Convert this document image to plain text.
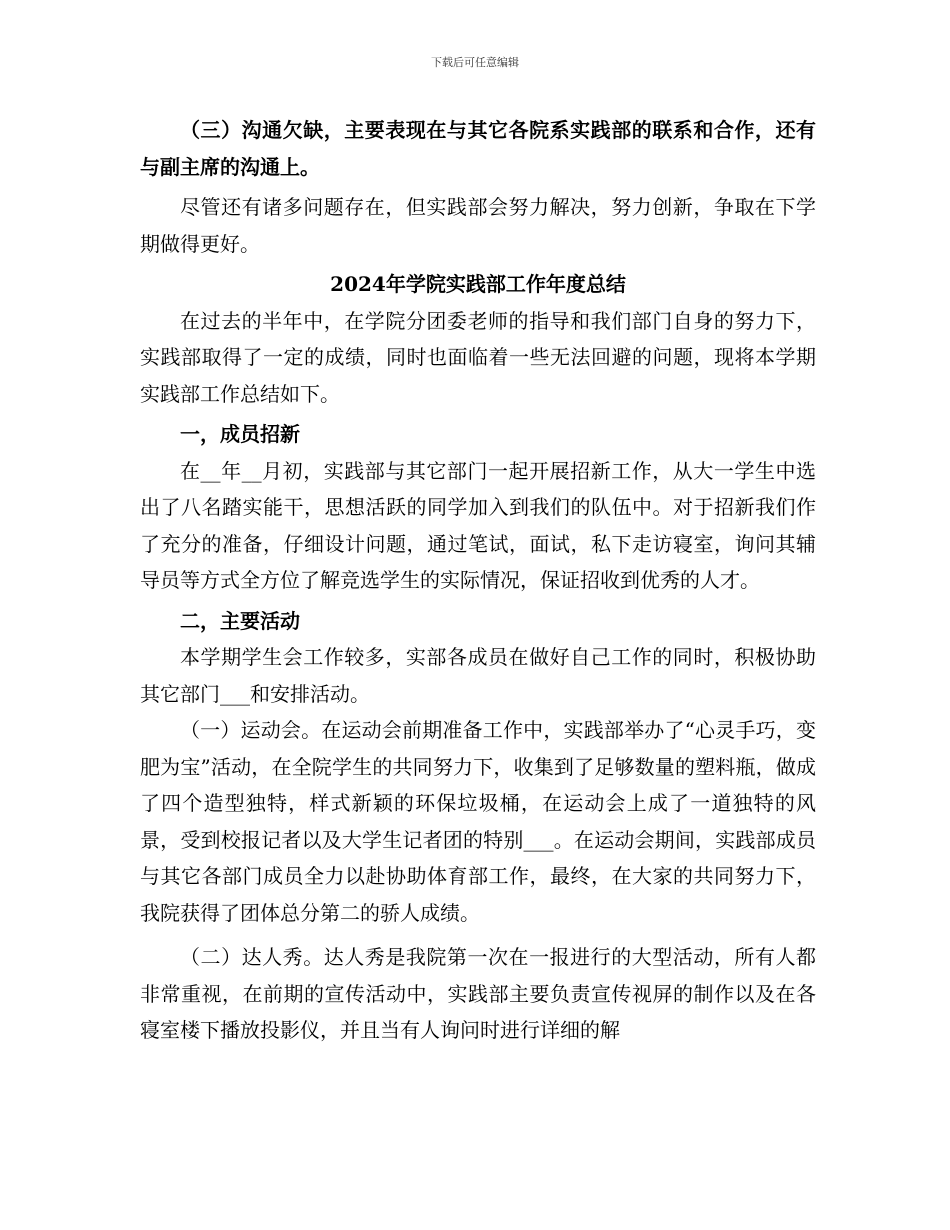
下载后可任意编辑

（三）沟通欠缺，主要表现在与其它各院系实践部的联系和合作，还有与副主席的沟通上。

尽管还有诸多问题存在，但实践部会努力解决，努力创新，争取在下学期做得更好。

2024年学院实践部工作年度总结

在过去的半年中，在学院分团委老师的指导和我们部门自身的努力下，实践部取得了一定的成绩，同时也面临着一些无法回避的问题，现将本学期实践部工作总结如下。

一，成员招新

在__年__月初，实践部与其它部门一起开展招新工作，从大一学生中选出了八名踏实能干，思想活跃的同学加入到我们的队伍中。对于招新我们作了充分的准备，仔细设计问题，通过笔试，面试，私下走访寝室，询问其辅导员等方式全方位了解竞选学生的实际情况，保证招收到优秀的人才。

二，主要活动

本学期学生会工作较多，实部各成员在做好自己工作的同时，积极协助其它部门___和安排活动。

（一）运动会。在运动会前期准备工作中，实践部举办了“心灵手巧，变肥为宝”活动，在全院学生的共同努力下，收集到了足够数量的塑料瓶，做成了四个造型独特，样式新颖的环保垃圾桶，在运动会上成了一道独特的风景，受到校报记者以及大学生记者团的特别___。在运动会期间，实践部成员与其它各部门成员全力以赴协助体育部工作，最终，在大家的共同努力下，我院获得了团体总分第二的骄人成绩。

（二）达人秀。达人秀是我院第一次在一报进行的大型活动，所有人都非常重视，在前期的宣传活动中，实践部主要负责宣传视屏的制作以及在各寝室楼下播放投影仪，并且当有人询问时进行详细的解
